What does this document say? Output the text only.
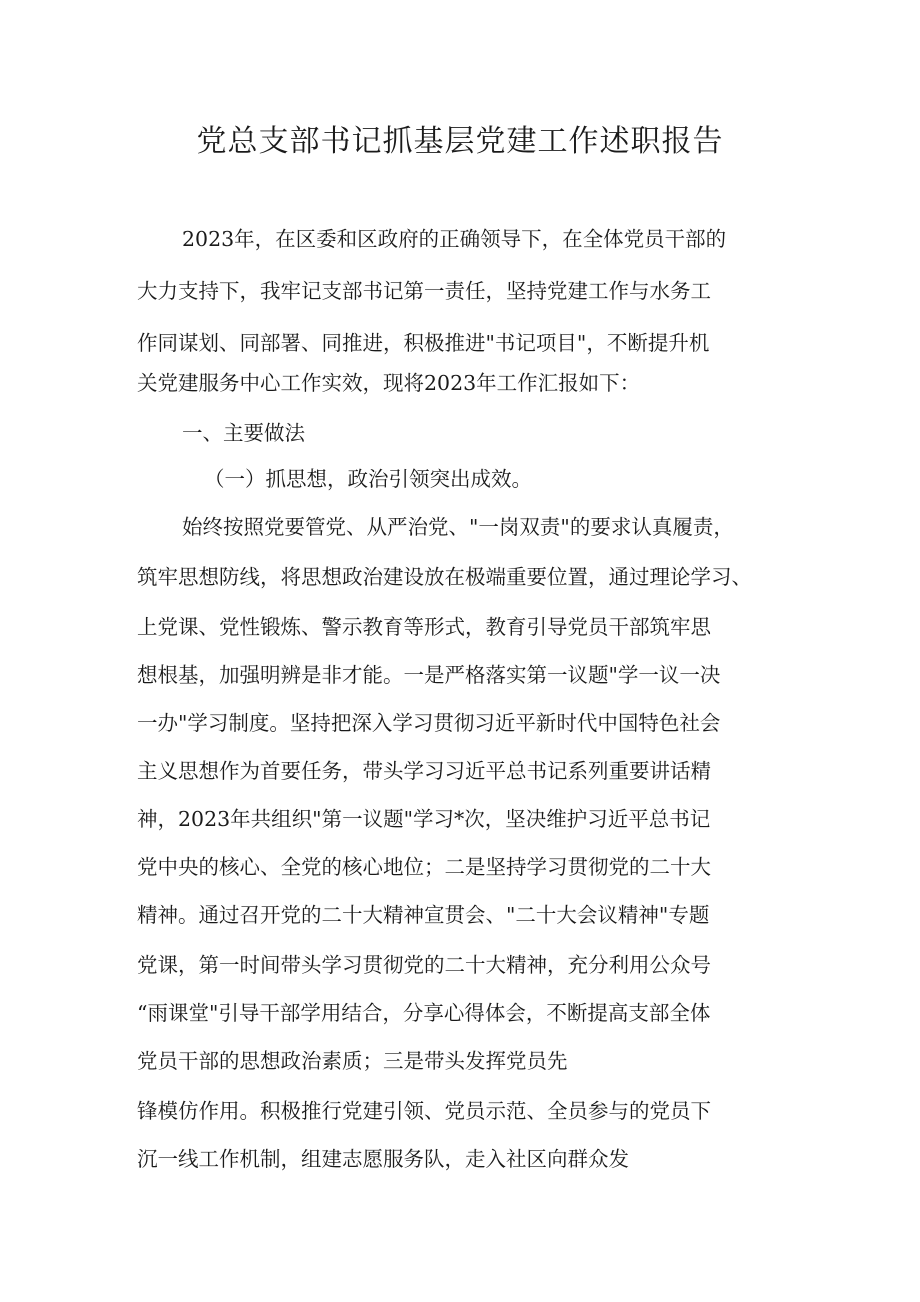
党总支部书记抓基层党建工作述职报告
2023年，在区委和区政府的正确领导下，在全体党员干部的
大力支持下，我牢记支部书记第一责任，坚持党建工作与水务工
作同谋划、同部署、同推进，积极推进"书记项目"，不断提升机
关党建服务中心工作实效，现将2023年工作汇报如下：
一、主要做法
（一）抓思想，政治引领突出成效。
始终按照党要管党、从严治党、"一岗双责"的要求认真履责，
筑牢思想防线，将思想政治建设放在极端重要位置，通过理论学习、
上党课、党性锻炼、警示教育等形式，教育引导党员干部筑牢思
想根基，加强明辨是非才能。一是严格落实第一议题"学一议一决
一办"学习制度。坚持把深入学习贯彻习近平新时代中国特色社会
主义思想作为首要任务，带头学习习近平总书记系列重要讲话精
神，2023年共组织"第一议题"学习*次，坚决维护习近平总书记
党中央的核心、全党的核心地位；二是坚持学习贯彻党的二十大
精神。通过召开党的二十大精神宣贯会、"二十大会议精神"专题
党课，第一时间带头学习贯彻党的二十大精神，充分利用公众号
“雨课堂"引导干部学用结合，分享心得体会，不断提高支部全体
党员干部的思想政治素质；三是带头发挥党员先
锋模仿作用。积极推行党建引领、党员示范、全员参与的党员下
沉一线工作机制，组建志愿服务队，走入社区向群众发
